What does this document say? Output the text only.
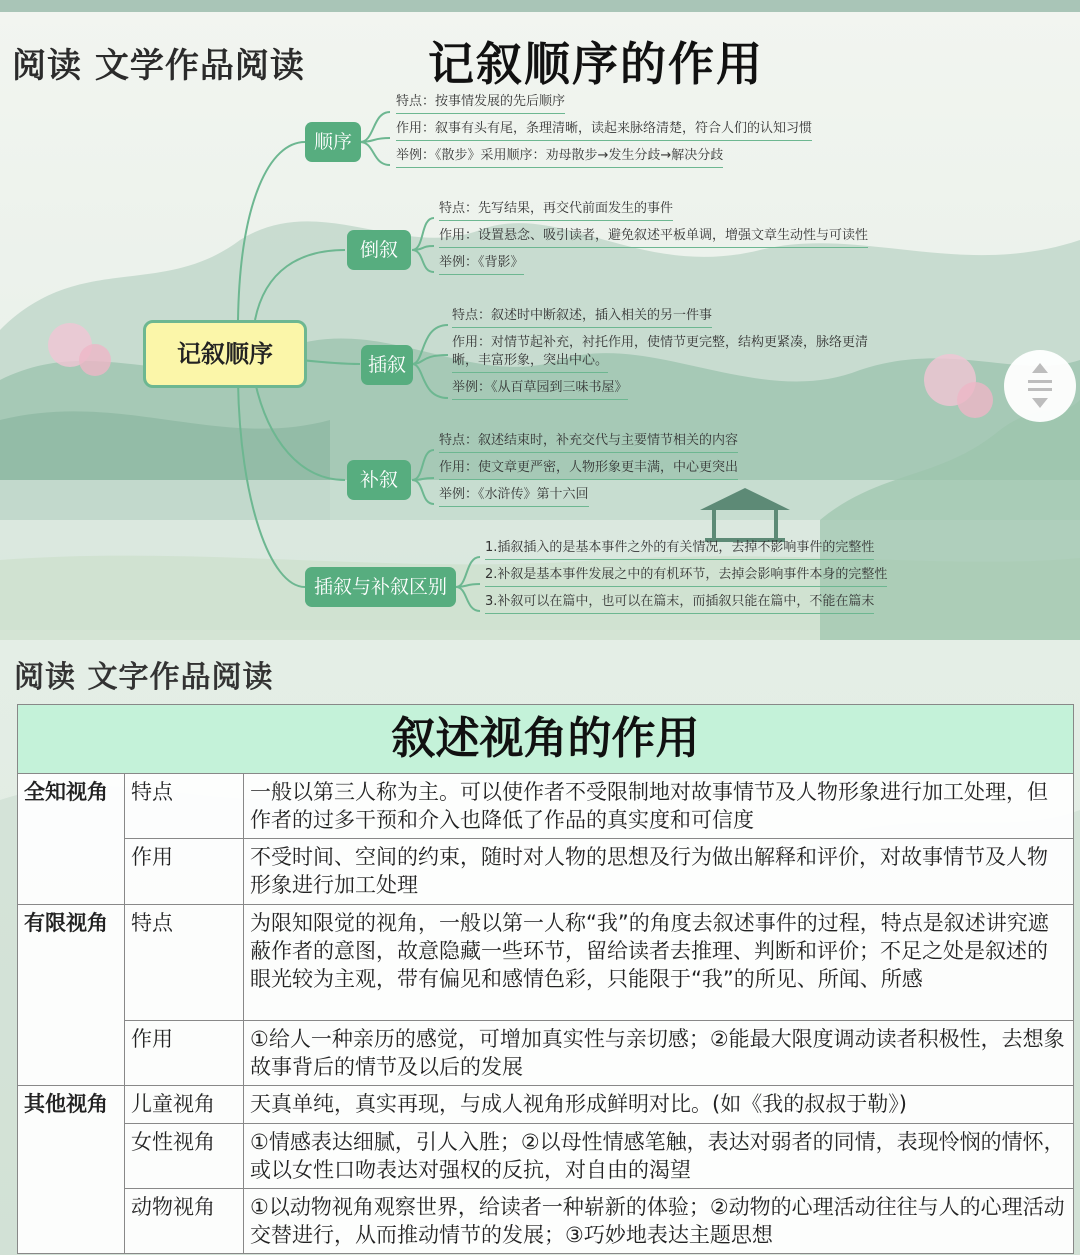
阅读 文学作品阅读	记叙顺序的作用
记叙顺序
顺序
特点：按事情发展的先后顺序
作用：叙事有头有尾，条理清晰，读起来脉络清楚，符合人们的认知习惯
举例：《散步》采用顺序：劝母散步→发生分歧→解决分歧
倒叙
特点：先写结果，再交代前面发生的事件
作用：设置悬念、吸引读者，避免叙述平板单调，增强文章生动性与可读性
举例：《背影》
插叙
特点：叙述时中断叙述，插入相关的另一件事
作用：对情节起补充，衬托作用，使情节更完整，结构更紧凑，脉络更清
晰，丰富形象，突出中心。
举例：《从百草园到三味书屋》
补叙
特点：叙述结束时，补充交代与主要情节相关的内容
作用：使文章更严密，人物形象更丰满，中心更突出
举例：《水浒传》第十六回
插叙与补叙区别
1.插叙插入的是基本事件之外的有关情况，去掉不影响事件的完整性
2.补叙是基本事件发展之中的有机环节，去掉会影响事件本身的完整性
3.补叙可以在篇中，也可以在篇末，而插叙只能在篇中，不能在篇末
阅读 文字作品阅读
叙述视角的作用		
全知视角	特点	一般以第三人称为主。可以使作者不受限制地对故事情节及人物形象进行加工处理，但作者的过多干预和介入也降低了作品的真实度和可信度
	作用	不受时间、空间的约束，随时对人物的思想及行为做出解释和评价，对故事情节及人物形象进行加工处理
有限视角	特点	为限知限觉的视角，一般以第一人称“我”的角度去叙述事件的过程，特点是叙述讲究遮蔽作者的意图，故意隐藏一些环节，留给读者去推理、判断和评价；不足之处是叙述的眼光较为主观，带有偏见和感情色彩，只能限于“我”的所见、所闻、所感
	作用	①给人一种亲历的感觉，可增加真实性与亲切感；②能最大限度调动读者积极性，去想象故事背后的情节及以后的发展
其他视角	儿童视角	天真单纯，真实再现，与成人视角形成鲜明对比。(如《我的叔叔于勒》)
	女性视角	①情感表达细腻，引人入胜；②以母性情感笔触，表达对弱者的同情，表现怜悯的情怀，或以女性口吻表达对强权的反抗，对自由的渴望
	动物视角	①以动物视角观察世界，给读者一种崭新的体验；②动物的心理活动往往与人的心理活动交替进行，从而推动情节的发展；③巧妙地表达主题思想
